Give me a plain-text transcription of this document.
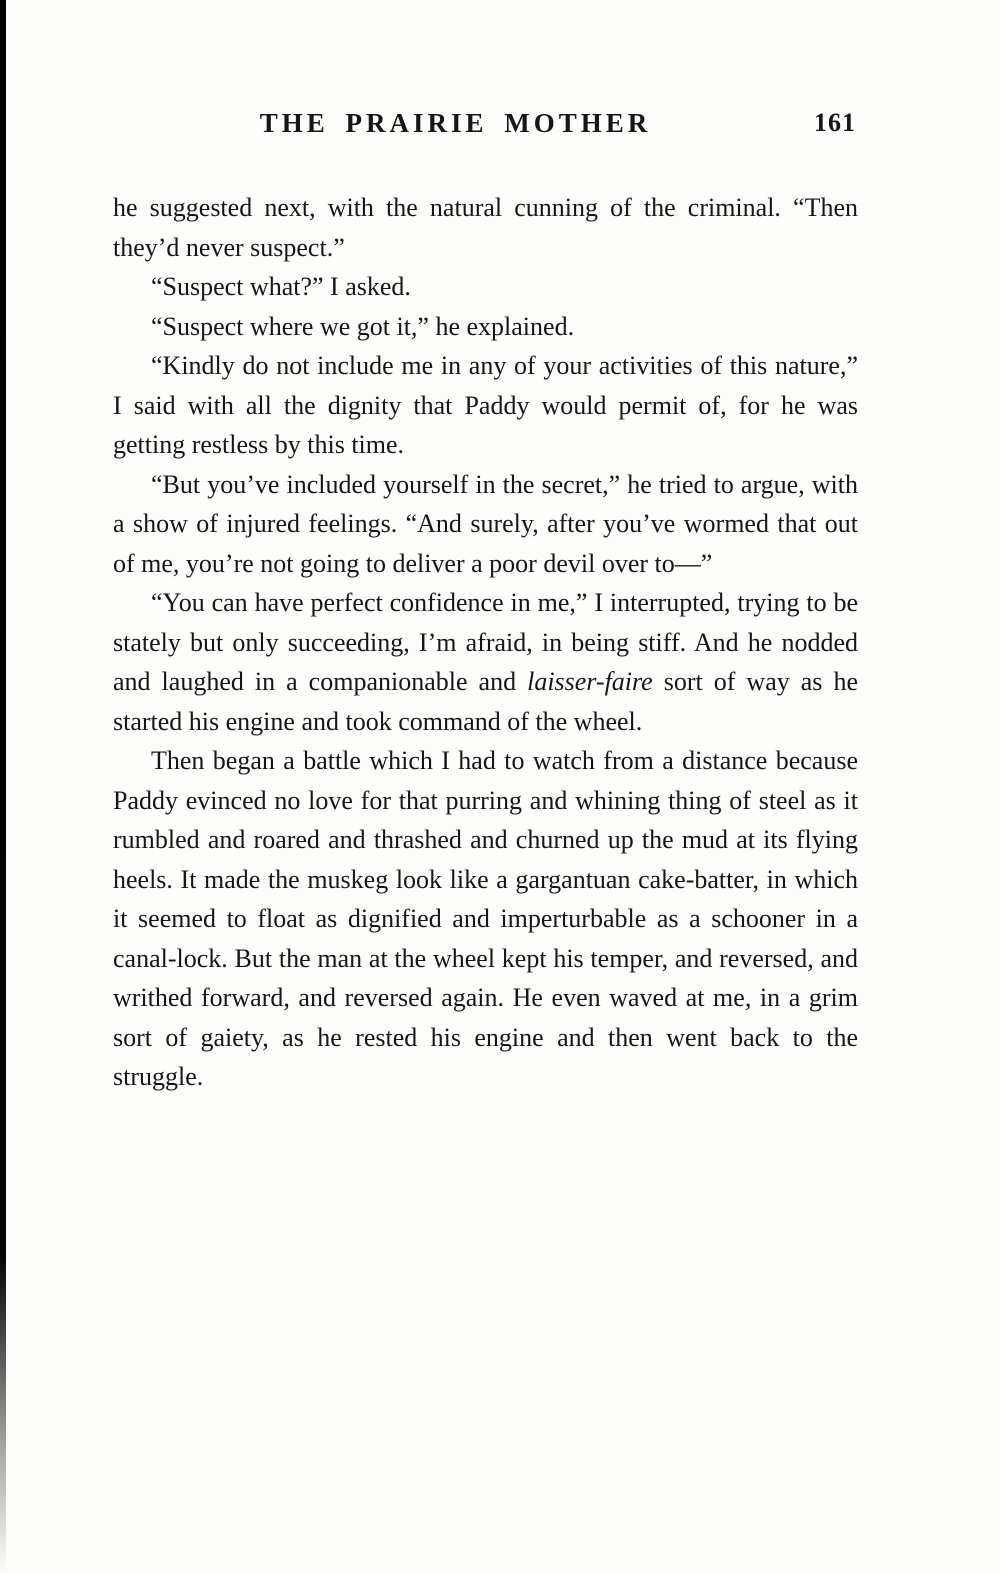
THE PRAIRIE MOTHER	161

he suggested next, with the natural cunning of the criminal. “Then they’d never suspect.”

“Suspect what?” I asked.

“Suspect where we got it,” he explained.

“Kindly do not include me in any of your activities of this nature,” I said with all the dignity that Paddy would permit of, for he was getting restless by this time.

“But you’ve included yourself in the secret,” he tried to argue, with a show of injured feelings. “And surely, after you’ve wormed that out of me, you’re not going to deliver a poor devil over to—”

“You can have perfect confidence in me,” I interrupted, trying to be stately but only succeeding, I’m afraid, in being stiff. And he nodded and laughed in a companionable and laisser-faire sort of way as he started his engine and took command of the wheel.

Then began a battle which I had to watch from a distance because Paddy evinced no love for that purring and whining thing of steel as it rumbled and roared and thrashed and churned up the mud at its flying heels. It made the muskeg look like a gargantuan cake-batter, in which it seemed to float as dignified and imperturbable as a schooner in a canal-lock. But the man at the wheel kept his temper, and reversed, and writhed forward, and reversed again. He even waved at me, in a grim sort of gaiety, as he rested his engine and then went back to the struggle.
